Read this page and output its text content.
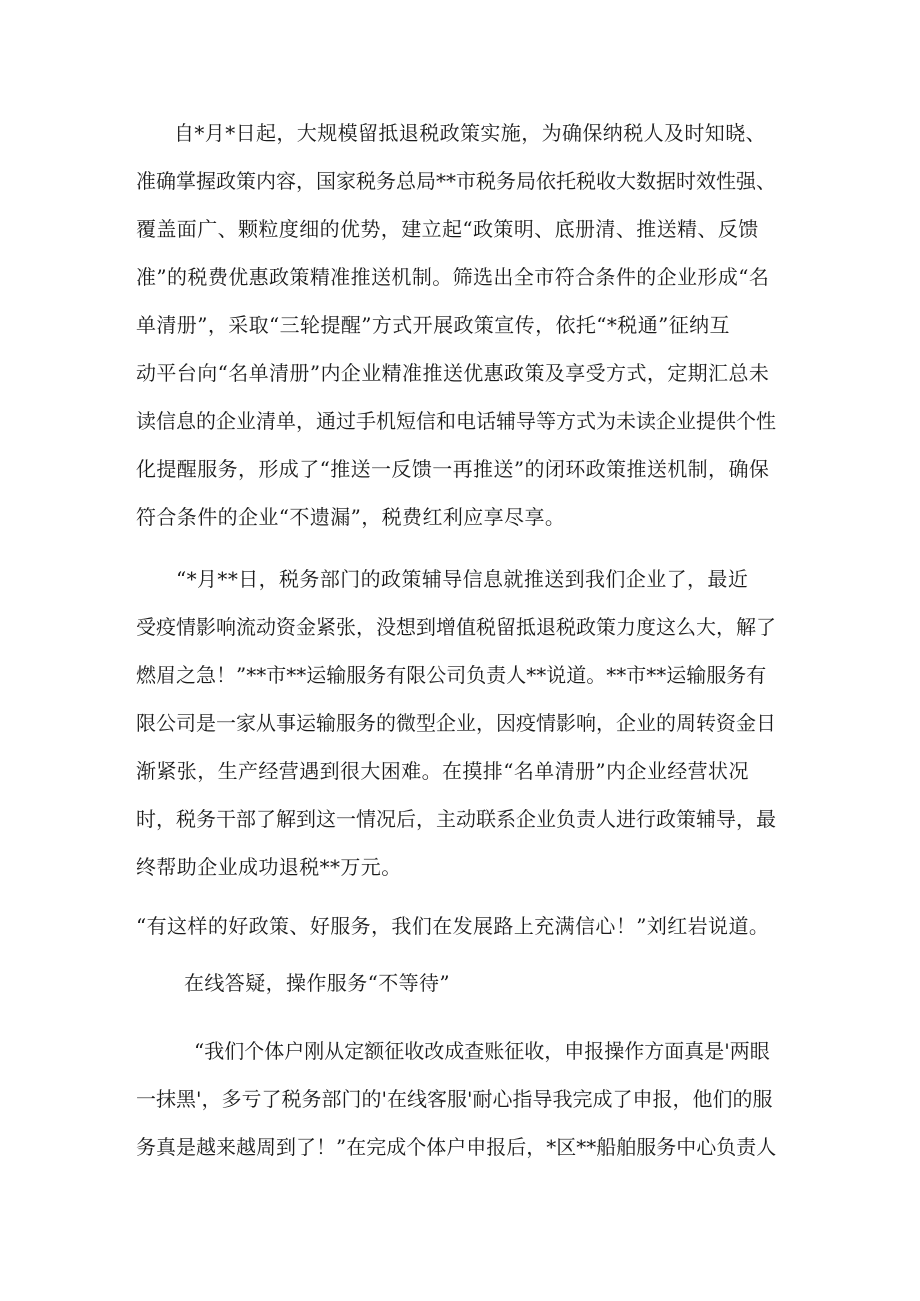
自*月*日起，大规模留抵退税政策实施，为确保纳税人及时知晓、
准确掌握政策内容，国家税务总局**市税务局依托税收大数据时效性强、
覆盖面广、颗粒度细的优势，建立起“政策明、底册清、推送精、反馈
准”的税费优惠政策精准推送机制。筛选出全市符合条件的企业形成“名
单清册”，采取“三轮提醒”方式开展政策宣传，依托“*税通”征纳互
动平台向“名单清册”内企业精准推送优惠政策及享受方式，定期汇总未
读信息的企业清单，通过手机短信和电话辅导等方式为未读企业提供个性
化提醒服务，形成了“推送一反馈一再推送”的闭环政策推送机制，确保
符合条件的企业“不遗漏”，税费红利应享尽享。
“*月**日，税务部门的政策辅导信息就推送到我们企业了，最近
受疫情影响流动资金紧张，没想到增值税留抵退税政策力度这么大，解了
燃眉之急！”**市**运输服务有限公司负责人**说道。**市**运输服务有
限公司是一家从事运输服务的微型企业，因疫情影响，企业的周转资金日
渐紧张，生产经营遇到很大困难。在摸排“名单清册”内企业经营状况
时，税务干部了解到这一情况后，主动联系企业负责人进行政策辅导，最
终帮助企业成功退税**万元。
“有这样的好政策、好服务，我们在发展路上充满信心！”刘红岩说道。
在线答疑，操作服务“不等待”
“我们个体户刚从定额征收改成查账征收，申报操作方面真是'两眼
一抹黑'，多亏了税务部门的'在线客服'耐心指导我完成了申报，他们的服
务真是越来越周到了！”在完成个体户申报后，*区**船舶服务中心负责人
